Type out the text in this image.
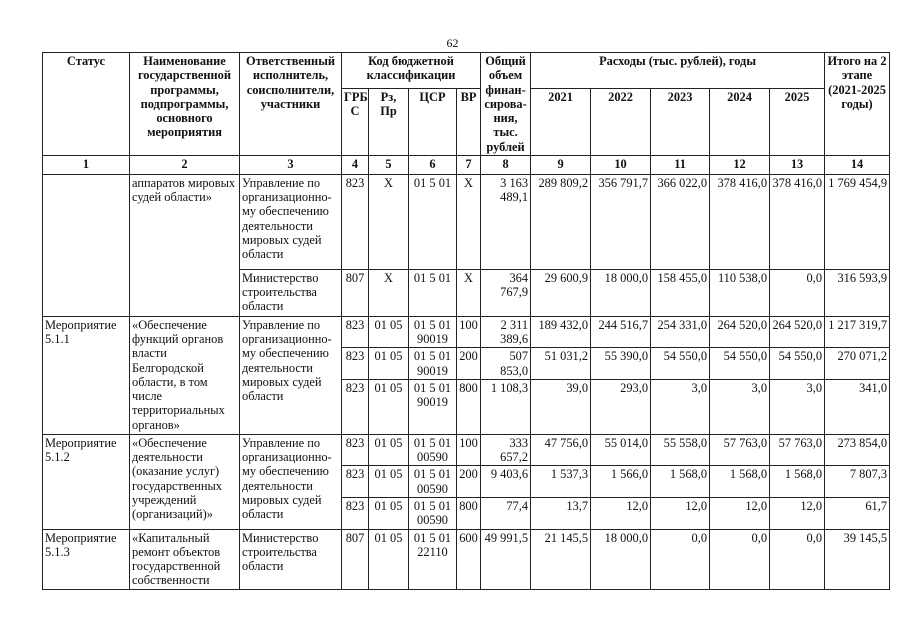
62
Статус	Наименование государственной программы, подпрограммы, основного мероприятия	Ответственный исполнитель, соисполнители, участники	Код бюджетной классификации				Общий объем финан-сирова-ния, тыс. рублей	Расходы (тыс. рублей), годы					Итого на 2 этапе (2021-2025 годы)
			ГРБ С	Рз, Пр	ЦСР	ВР		2021	2022	2023	2024	2025	
1	2	3	4	5	6	7	8	9	10	11	12	13	14
	аппаратов мировых судей области»	Управление по организационно-му обеспечению деятельности мировых судей области	823	Х	01 5 01	Х	3 163 489,1	289 809,2	356 791,7	366 022,0	378 416,0	378 416,0	1 769 454,9
		Министерство строительства области	807	Х	01 5 01	Х	364 767,9	29 600,9	18 000,0	158 455,0	110 538,0	0,0	316 593,9
Мероприятие 5.1.1	«Обеспечение функций органов власти Белгородской области, в том числе территориальных органов»	Управление по организационно-му обеспечению деятельности мировых судей области	823	01 05	01 5 01 90019	100	2 311 389,6	189 432,0	244 516,7	254 331,0	264 520,0	264 520,0	1 217 319,7
			823	01 05	01 5 01 90019	200	507 853,0	51 031,2	55 390,0	54 550,0	54 550,0	54 550,0	270 071,2
			823	01 05	01 5 01 90019	800	1 108,3	39,0	293,0	3,0	3,0	3,0	341,0
Мероприятие 5.1.2	«Обеспечение деятельности (оказание услуг) государственных учреждений (организаций)»	Управление по организационно-му обеспечению деятельности мировых судей области	823	01 05	01 5 01 00590	100	333 657,2	47 756,0	55 014,0	55 558,0	57 763,0	57 763,0	273 854,0
			823	01 05	01 5 01 00590	200	9 403,6	1 537,3	1 566,0	1 568,0	1 568,0	1 568,0	7 807,3
			823	01 05	01 5 01 00590	800	77,4	13,7	12,0	12,0	12,0	12,0	61,7
Мероприятие 5.1.3	«Капитальный ремонт объектов государственной собственности	Министерство строительства области	807	01 05	01 5 01 22110	600	49 991,5	21 145,5	18 000,0	0,0	0,0	0,0	39 145,5
